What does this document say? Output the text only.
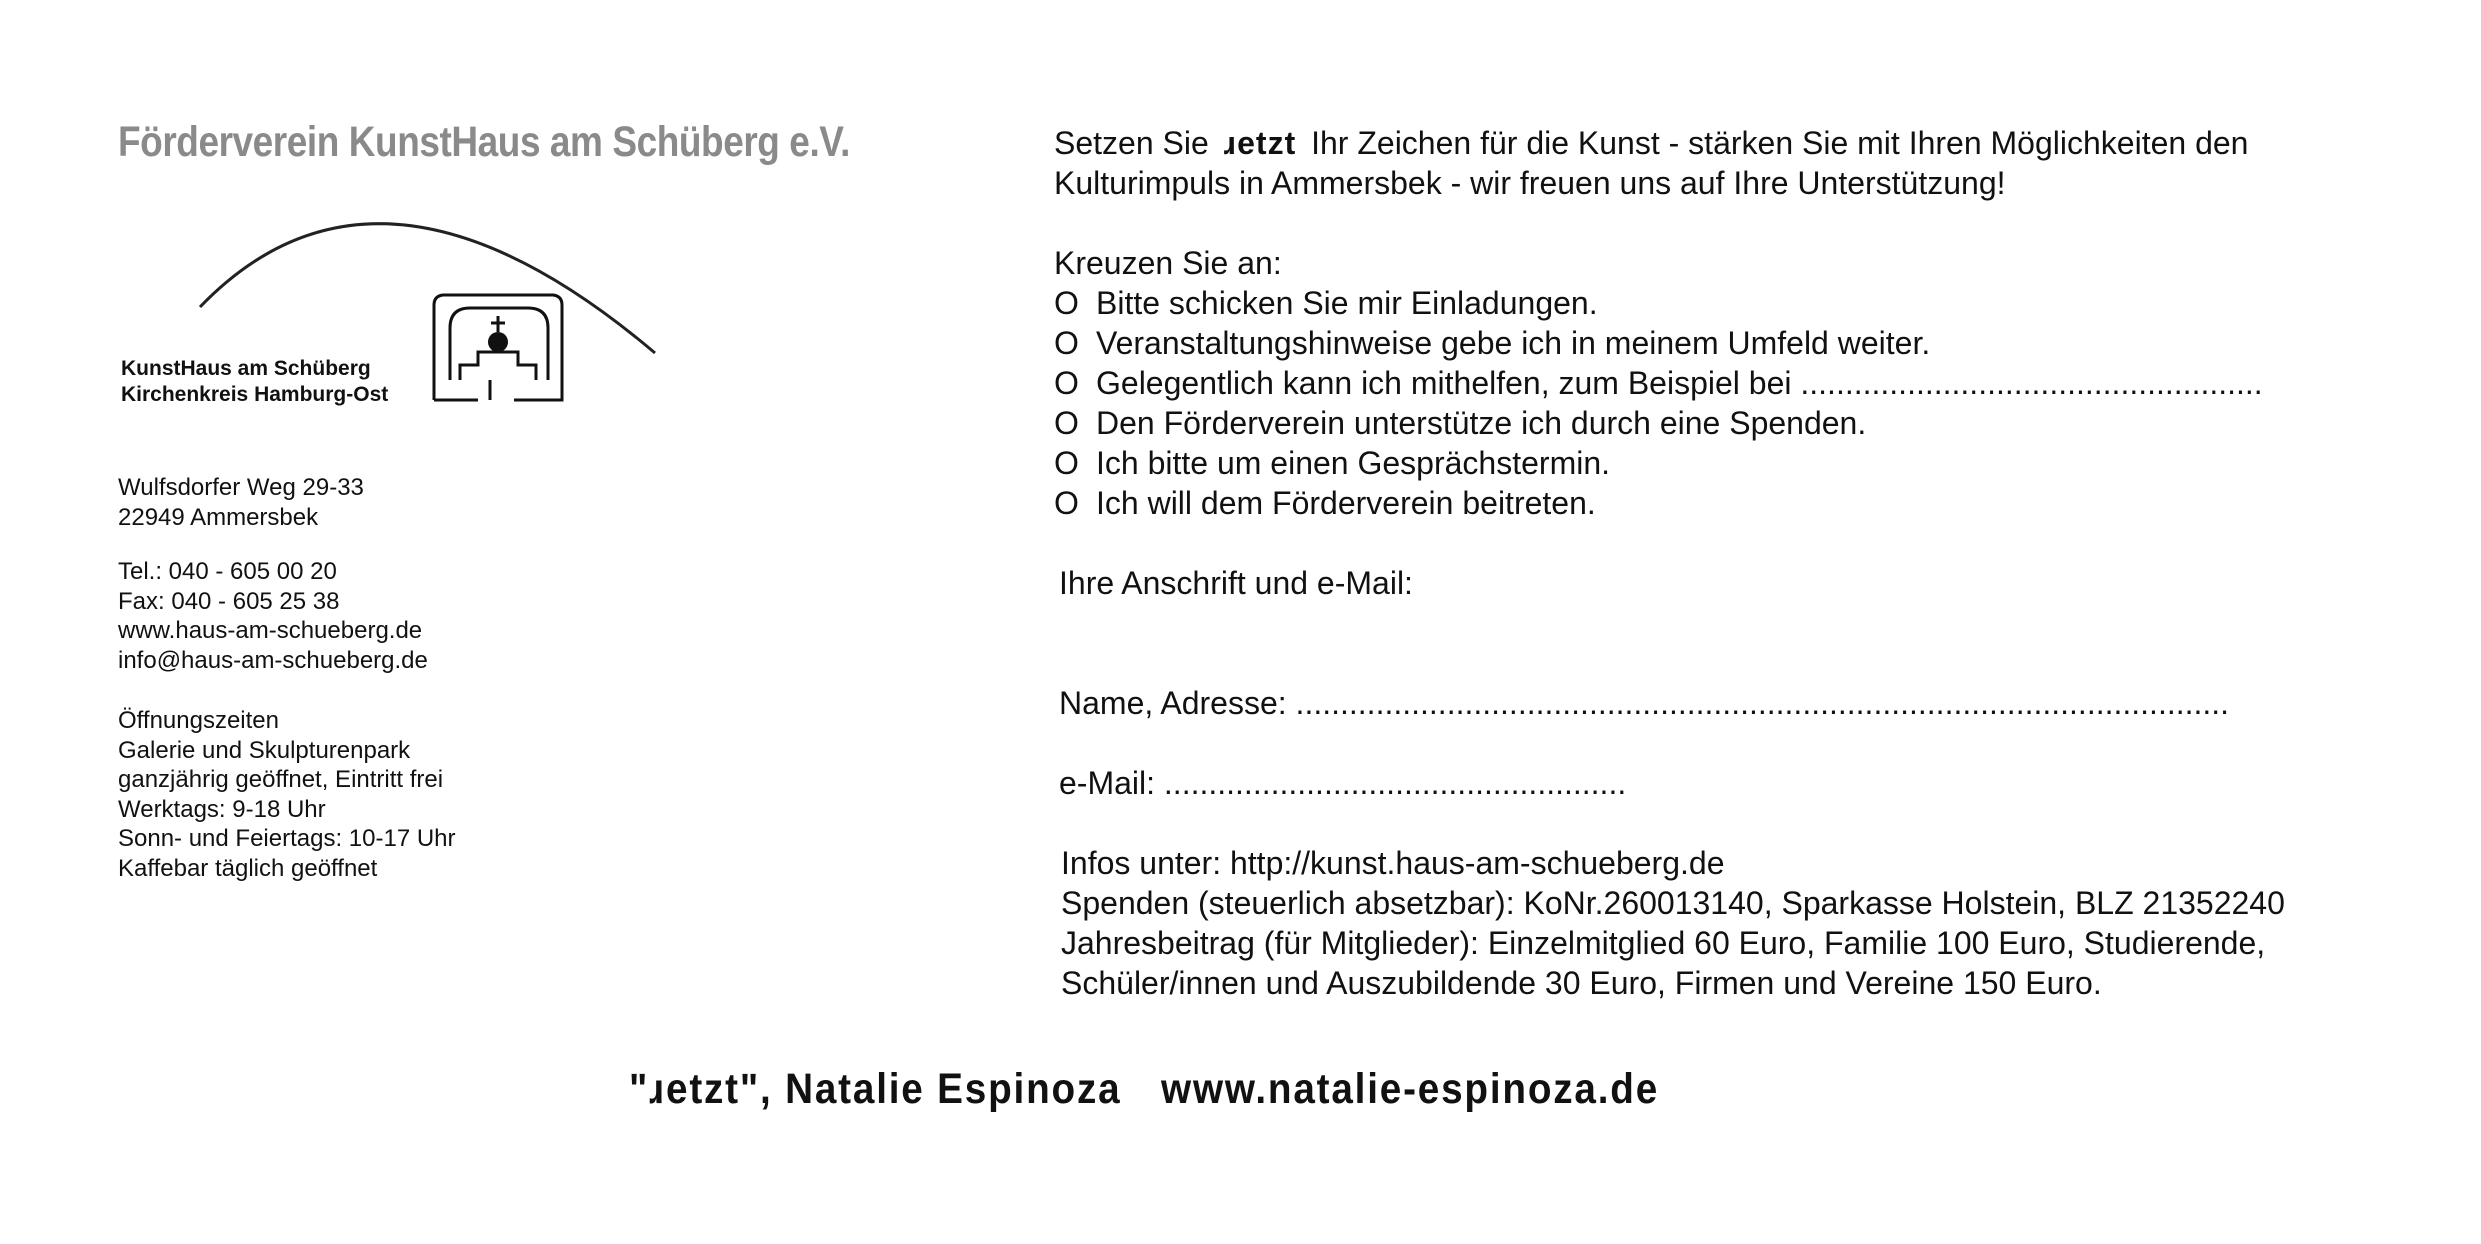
Förderverein KunstHaus am Schüberg e.V.
KunstHaus am Schüberg
Kirchenkreis Hamburg-Ost
Wulfsdorfer Weg 29-33
22949 Ammersbek
Tel.: 040 - 605 00 20
Fax: 040 - 605 25 38
www.haus-am-schueberg.de
info@haus-am-schueberg.de
Öffnungszeiten
Galerie und Skulpturenpark
ganzjährig geöffnet, Eintritt frei
Werktags: 9-18 Uhr
Sonn- und Feiertags: 10-17 Uhr
Kaffebar täglich geöffnet
Setzen Sie ɹetzt Ihr Zeichen für die Kunst - stärken Sie mit Ihren Möglichkeiten den
Kulturimpuls in Ammersbek - wir freuen uns auf Ihre Unterstützung!
Kreuzen Sie an:
O Bitte schicken Sie mir Einladungen.
O Veranstaltungshinweise gebe ich in meinem Umfeld weiter.
O Gelegentlich kann ich mithelfen, zum Beispiel bei ....................................................
O Den Förderverein unterstütze ich durch eine Spenden.
O Ich bitte um einen Gesprächstermin.
O Ich will dem Förderverein beitreten.
Ihre Anschrift und e-Mail:
Name, Adresse: .........................................................................................................
e-Mail: ....................................................
Infos unter: http://kunst.haus-am-schueberg.de
Spenden (steuerlich absetzbar): KoNr.260013140, Sparkasse Holstein, BLZ 21352240
Jahresbeitrag (für Mitglieder): Einzelmitglied 60 Euro, Familie 100 Euro, Studierende,
Schüler/innen und Auszubildende 30 Euro, Firmen und Vereine 150 Euro.
"ɹetzt", Natalie Espinoza www.natalie-espinoza.de
